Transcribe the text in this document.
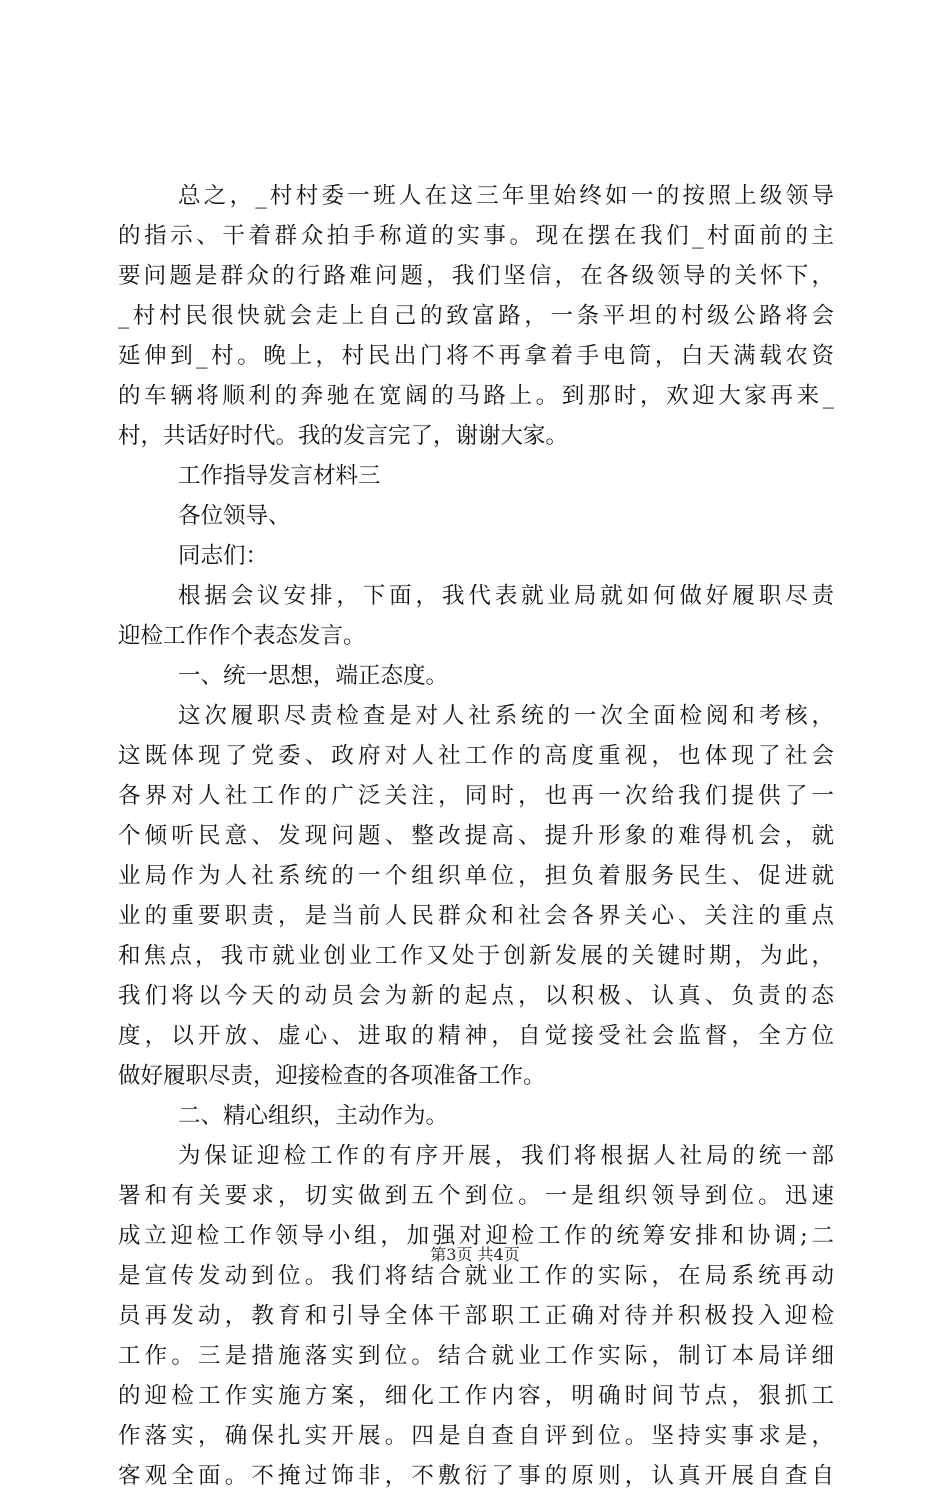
总之，_村村委一班人在这三年里始终如一的按照上级领导
的指示、干着群众拍手称道的实事。现在摆在我们_村面前的主
要问题是群众的行路难问题，我们坚信，在各级领导的关怀下，
_村村民很快就会走上自己的致富路，一条平坦的村级公路将会
延伸到_村。晚上，村民出门将不再拿着手电筒，白天满载农资
的车辆将顺利的奔驰在宽阔的马路上。到那时，欢迎大家再来_
村，共话好时代。我的发言完了，谢谢大家。
工作指导发言材料三
各位领导、
同志们：
根据会议安排，下面，我代表就业局就如何做好履职尽责
迎检工作作个表态发言。
一、统一思想，端正态度。
这次履职尽责检查是对人社系统的一次全面检阅和考核，
这既体现了党委、政府对人社工作的高度重视，也体现了社会
各界对人社工作的广泛关注，同时，也再一次给我们提供了一
个倾听民意、发现问题、整改提高、提升形象的难得机会，就
业局作为人社系统的一个组织单位，担负着服务民生、促进就
业的重要职责，是当前人民群众和社会各界关心、关注的重点
和焦点，我市就业创业工作又处于创新发展的关键时期，为此，
我们将以今天的动员会为新的起点，以积极、认真、负责的态
度，以开放、虚心、进取的精神，自觉接受社会监督，全方位
做好履职尽责，迎接检查的各项准备工作。
二、精心组织，主动作为。
为保证迎检工作的有序开展，我们将根据人社局的统一部
署和有关要求，切实做到五个到位。一是组织领导到位。迅速
成立迎检工作领导小组，加强对迎检工作的统筹安排和协调;二
是宣传发动到位。我们将结合就业工作的实际，在局系统再动
员再发动，教育和引导全体干部职工正确对待并积极投入迎检
工作。三是措施落实到位。结合就业工作实际，制订本局详细
的迎检工作实施方案，细化工作内容，明确时间节点，狠抓工
作落实，确保扎实开展。四是自查自评到位。坚持实事求是，
客观全面。不掩过饰非，不敷衍了事的原则，认真开展自查自
第3页 共4页
